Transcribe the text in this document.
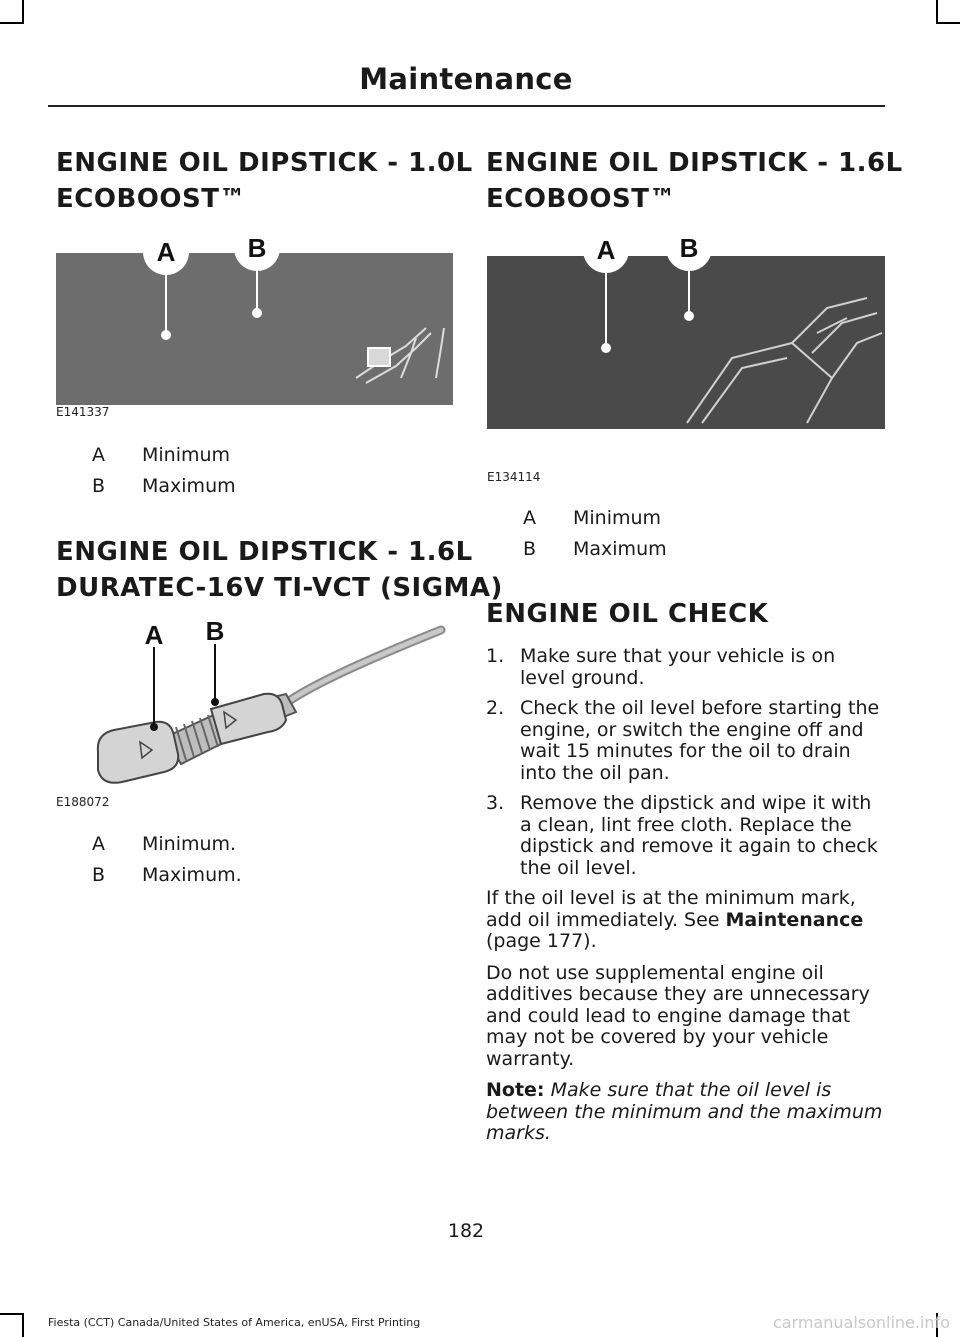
Maintenance
ENGINE OIL DIPSTICK - 1.0L
ECOBOOST™
A	B
E141337
A	Minimum
B	Maximum
ENGINE OIL DIPSTICK - 1.6L
DURATEC-16V TI-VCT (SIGMA)
A B
E188072
A	Minimum.
B	Maximum.
ENGINE OIL DIPSTICK - 1.6L
ECOBOOST™
A B
E134114
A	Minimum
B	Maximum
ENGINE OIL CHECK
1. Make sure that your vehicle is on level ground.
2. Check the oil level before starting the engine, or switch the engine off and wait 15 minutes for the oil to drain into the oil pan.
3. Remove the dipstick and wipe it with a clean, lint free cloth. Replace the dipstick and remove it again to check the oil level.

If the oil level is at the minimum mark, add oil immediately. See Maintenance (page 177).

Do not use supplemental engine oil additives because they are unnecessary and could lead to engine damage that may not be covered by your vehicle warranty.

Note: Make sure that the oil level is between the minimum and the maximum marks.

182
Fiesta (CCT) Canada/United States of America, enUSA, First Printing	carmanualsonline.info
